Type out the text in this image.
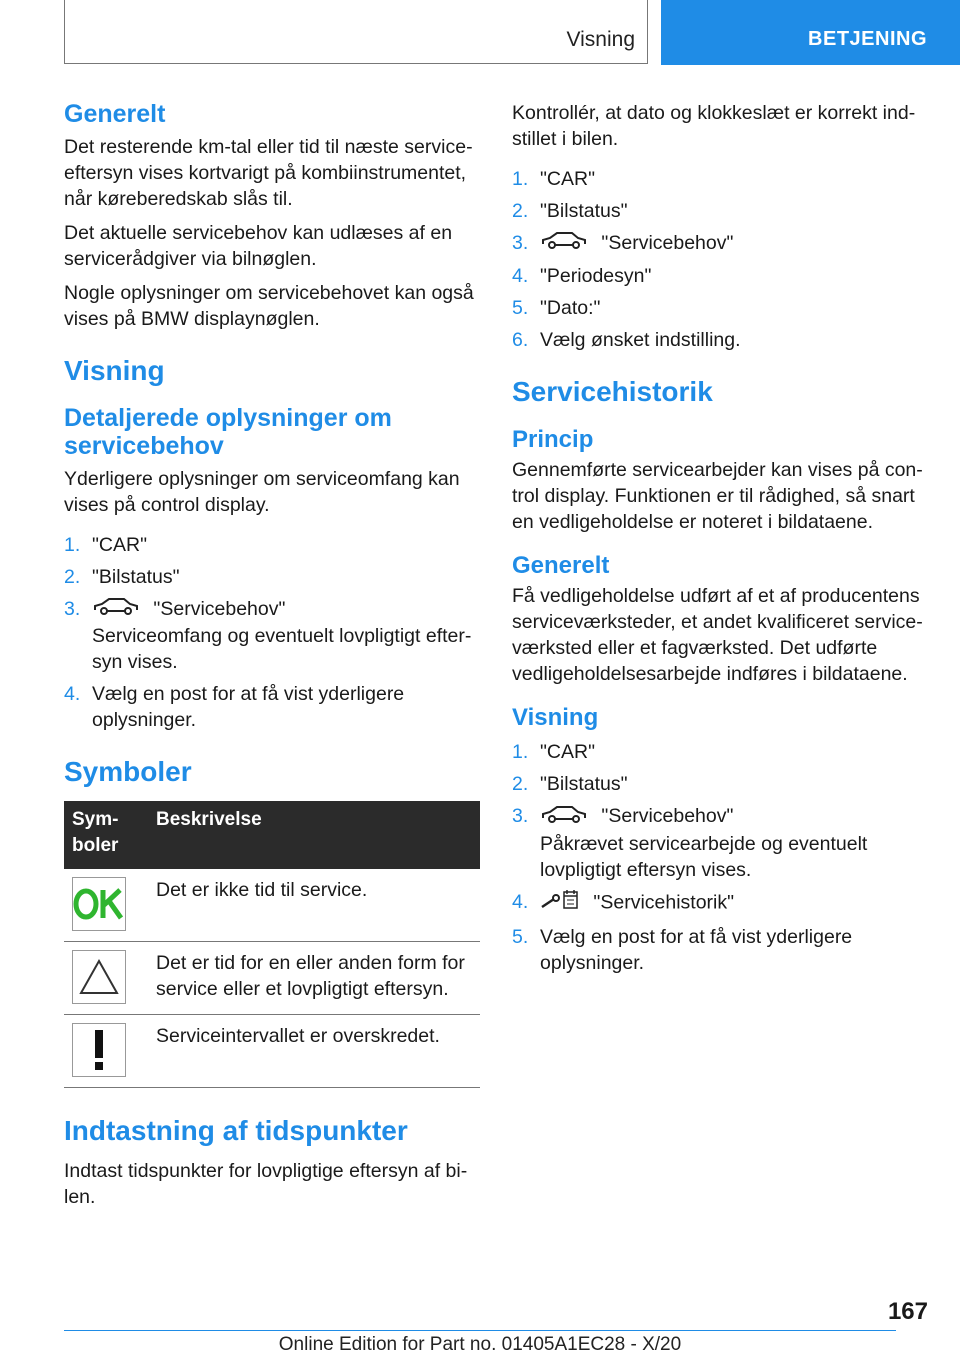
Visning	BETJENING
Generelt

Det resterende km-tal eller tid til næste serviceeftersyn vises kortvarigt på kombiinstrumentet, når køreberedskab slås til.

Det aktuelle servicebehov kan udlæses af en servicerådgiver via bilnøglen.

Nogle oplysninger om servicebehovet kan også vises på BMW displaynøglen.

Visning
Detaljerede oplysninger om servicebehov

Yderligere oplysninger om serviceomfang kan vises på control display.

1. "CAR"
2. "Bilstatus"
3.	"Servicebehov"
Serviceomfang og eventuelt lovpligtigt eftersyn vises.
4. Vælg en post for at få vist yderligere oplysninger.
Symboler
Symboler	Beskrivelse

	Det er ikke tid til service.

	Det er tid for en eller anden form for service eller et lovpligtigt eftersyn.

	Serviceintervallet er overskredet.
Indtastning af tidspunkter

Indtast tidspunkter for lovpligtige eftersyn af bilen.

Kontrollér, at dato og klokkeslæt er korrekt indstillet i bilen.

1. "CAR"
2. "Bilstatus"
3.	"Servicebehov"
4. "Periodesyn"
5. "Dato:"
6. Vælg ønsket indstilling.
Servicehistorik
Princip

Gennemførte servicearbejder kan vises på control display. Funktionen er til rådighed, så snart en vedligeholdelse er noteret i bildataene.

Generelt

Få vedligeholdelse udført af et af producentens serviceværksteder, et andet kvalificeret serviceværksted eller et fagværksted. Det udførte vedligeholdelsesarbejde indføres i bildataene.

Visning
1. "CAR"
2. "Bilstatus"
3.	"Servicebehov"
Påkrævet servicearbejde og eventuelt lovpligtigt eftersyn vises.
4.	"Servicehistorik"
5. Vælg en post for at få vist yderligere oplysninger.
167
Online Edition for Part no. 01405A1EC28 - X/20
